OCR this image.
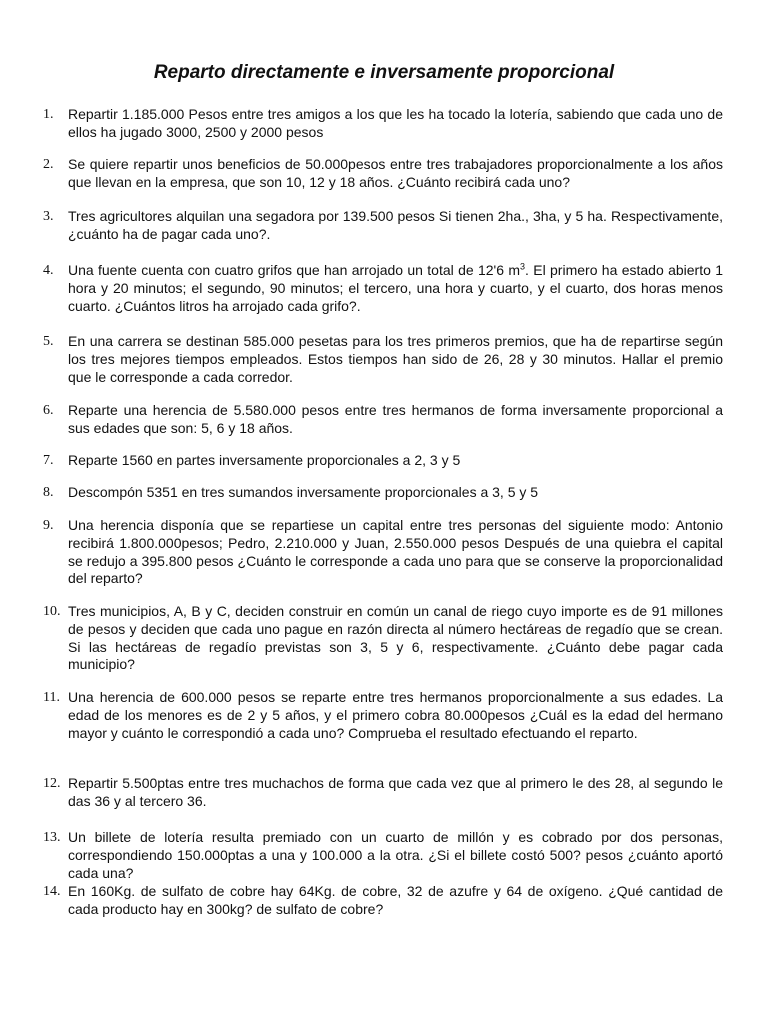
Reparto directamente e inversamente proporcional
1. Repartir 1.185.000 Pesos entre tres amigos a los que les ha tocado la lotería, sabiendo que cada uno de ellos ha jugado 3000, 2500 y 2000 pesos
2. Se quiere repartir unos beneficios de 50.000pesos entre tres trabajadores proporcionalmente a los años que llevan en la empresa, que son 10, 12 y 18 años. ¿Cuánto recibirá cada uno?
3. Tres agricultores alquilan una segadora por 139.500 pesos Si tienen 2ha., 3ha, y 5 ha. Respectivamente, ¿cuánto ha de pagar cada uno?.
4. Una fuente cuenta con cuatro grifos que han arrojado un total de 12'6 $m^3$. El primero ha estado abierto 1 hora y 20 minutos; el segundo, 90 minutos; el tercero, una hora y cuarto, y el cuarto, dos horas menos cuarto. ¿Cuántos litros ha arrojado cada grifo?.
5. En una carrera se destinan 585.000 pesetas para los tres primeros premios, que ha de repartirse según los tres mejores tiempos empleados. Estos tiempos han sido de 26, 28 y 30 minutos. Hallar el premio que le corresponde a cada corredor.
6. Reparte una herencia de 5.580.000 pesos entre tres hermanos de forma inversamente proporcional a sus edades que son: 5, 6 y 18 años.
7. Reparte 1560 en partes inversamente proporcionales a 2, 3 y 5
8. Descompón 5351 en tres sumandos inversamente proporcionales a 3, 5 y 5
9. Una herencia disponía que se repartiese un capital entre tres personas del siguiente modo: Antonio recibirá 1.800.000pesos; Pedro, 2.210.000 y Juan, 2.550.000 pesos Después de una quiebra el capital se redujo a 395.800 pesos ¿Cuánto le corresponde a cada uno para que se conserve la proporcionalidad del reparto?
10. Tres municipios, A, B y C, deciden construir en común un canal de riego cuyo importe es de 91 millones de pesos y deciden que cada uno pague en razón directa al número hectáreas de regadío que se crean. Si las hectáreas de regadío previstas son 3, 5 y 6, respectivamente. ¿Cuánto debe pagar cada municipio?
11. Una herencia de 600.000 pesos se reparte entre tres hermanos proporcionalmente a sus edades. La edad de los menores es de 2 y 5 años, y el primero cobra 80.000pesos ¿Cuál es la edad del hermano mayor y cuánto le correspondió a cada uno? Comprueba el resultado efectuando el reparto.
12. Repartir 5.500ptas entre tres muchachos de forma que cada vez que al primero le des 28, al segundo le das 36 y al tercero 36.
13. Un billete de lotería resulta premiado con un cuarto de millón y es cobrado por dos personas, correspondiendo 150.000ptas a una y 100.000 a la otra. ¿Si el billete costó 500? pesos ¿cuánto aportó cada una?
14. En 160Kg. de sulfato de cobre hay 64Kg. de cobre, 32 de azufre y 64 de oxígeno. ¿Qué cantidad de cada producto hay en 300kg? de sulfato de cobre?
